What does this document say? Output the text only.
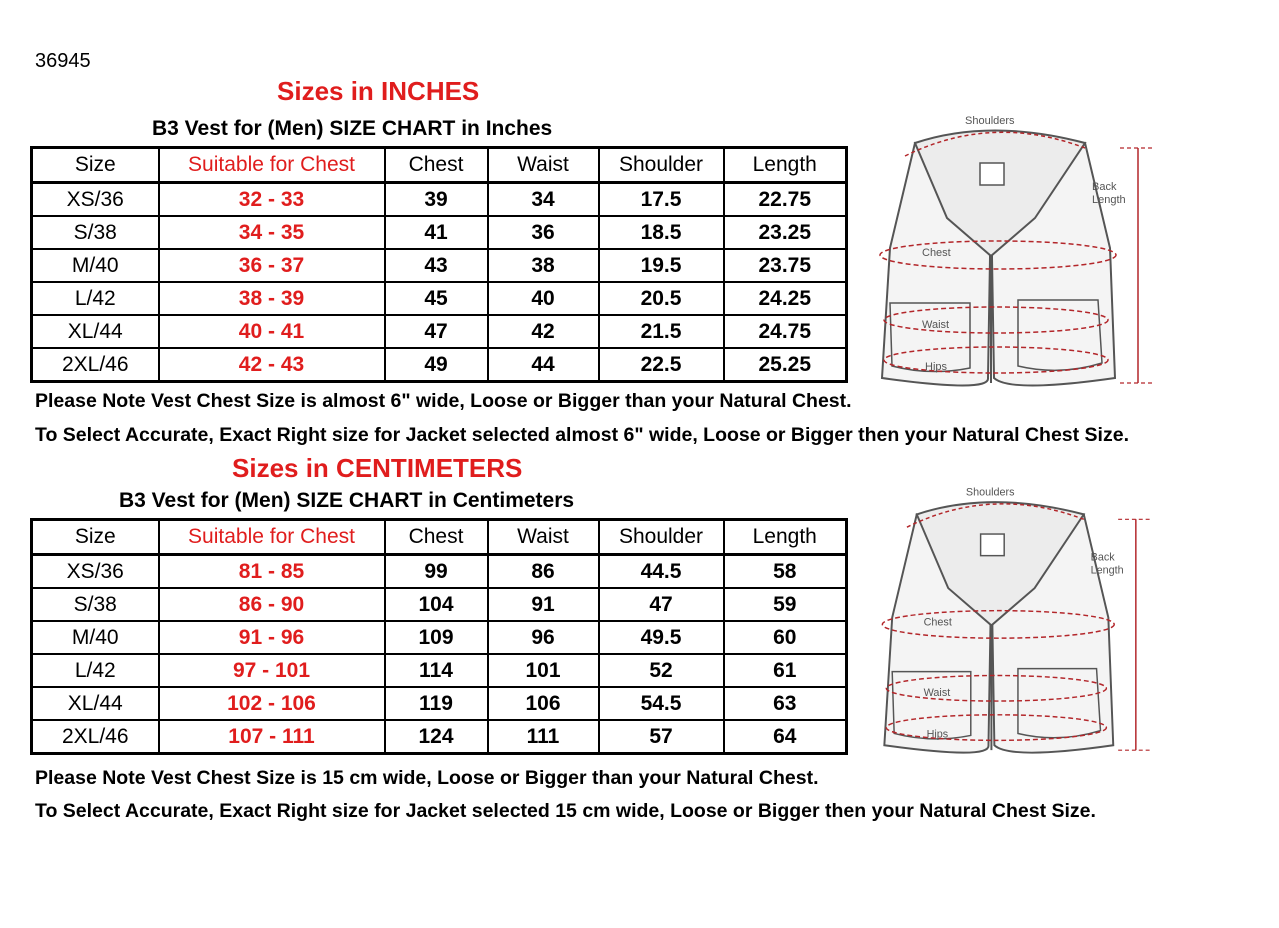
36945
Sizes in INCHES
B3 Vest for (Men) SIZE CHART in Inches
Size	Suitable for Chest	Chest	Waist	Shoulder	Length
XS/36	32 - 33	39	34	17.5	22.75
S/38	34 - 35	41	36	18.5	23.25
M/40	36 - 37	43	38	19.5	23.75
L/42	38 - 39	45	40	20.5	24.25
XL/44	40 - 41	47	42	21.5	24.75
2XL/46	42 - 43	49	44	22.5	25.25
Please Note Vest Chest Size is almost 6" wide, Loose or Bigger than your Natural Chest.
To Select Accurate, Exact Right size for Jacket selected almost 6" wide, Loose or Bigger then your Natural Chest Size.
Sizes in CENTIMETERS
B3 Vest for (Men) SIZE CHART in Centimeters
Size	Suitable for Chest	Chest	Waist	Shoulder	Length
XS/36	81 - 85	99	86	44.5	58
S/38	86 - 90	104	91	47	59
M/40	91 - 96	109	96	49.5	60
L/42	97 - 101	114	101	52	61
XL/44	102 - 106	119	106	54.5	63
2XL/46	107 - 111	124	111	57	64
Please Note Vest Chest Size is 15 cm wide, Loose or Bigger than your Natural Chest.
To Select Accurate, Exact Right size for Jacket selected 15 cm wide, Loose or Bigger then your Natural Chest Size.
Shoulders
Back
Length
Chest
Waist
Hips
Shoulders
Back
Length
Chest
Waist
Hips
